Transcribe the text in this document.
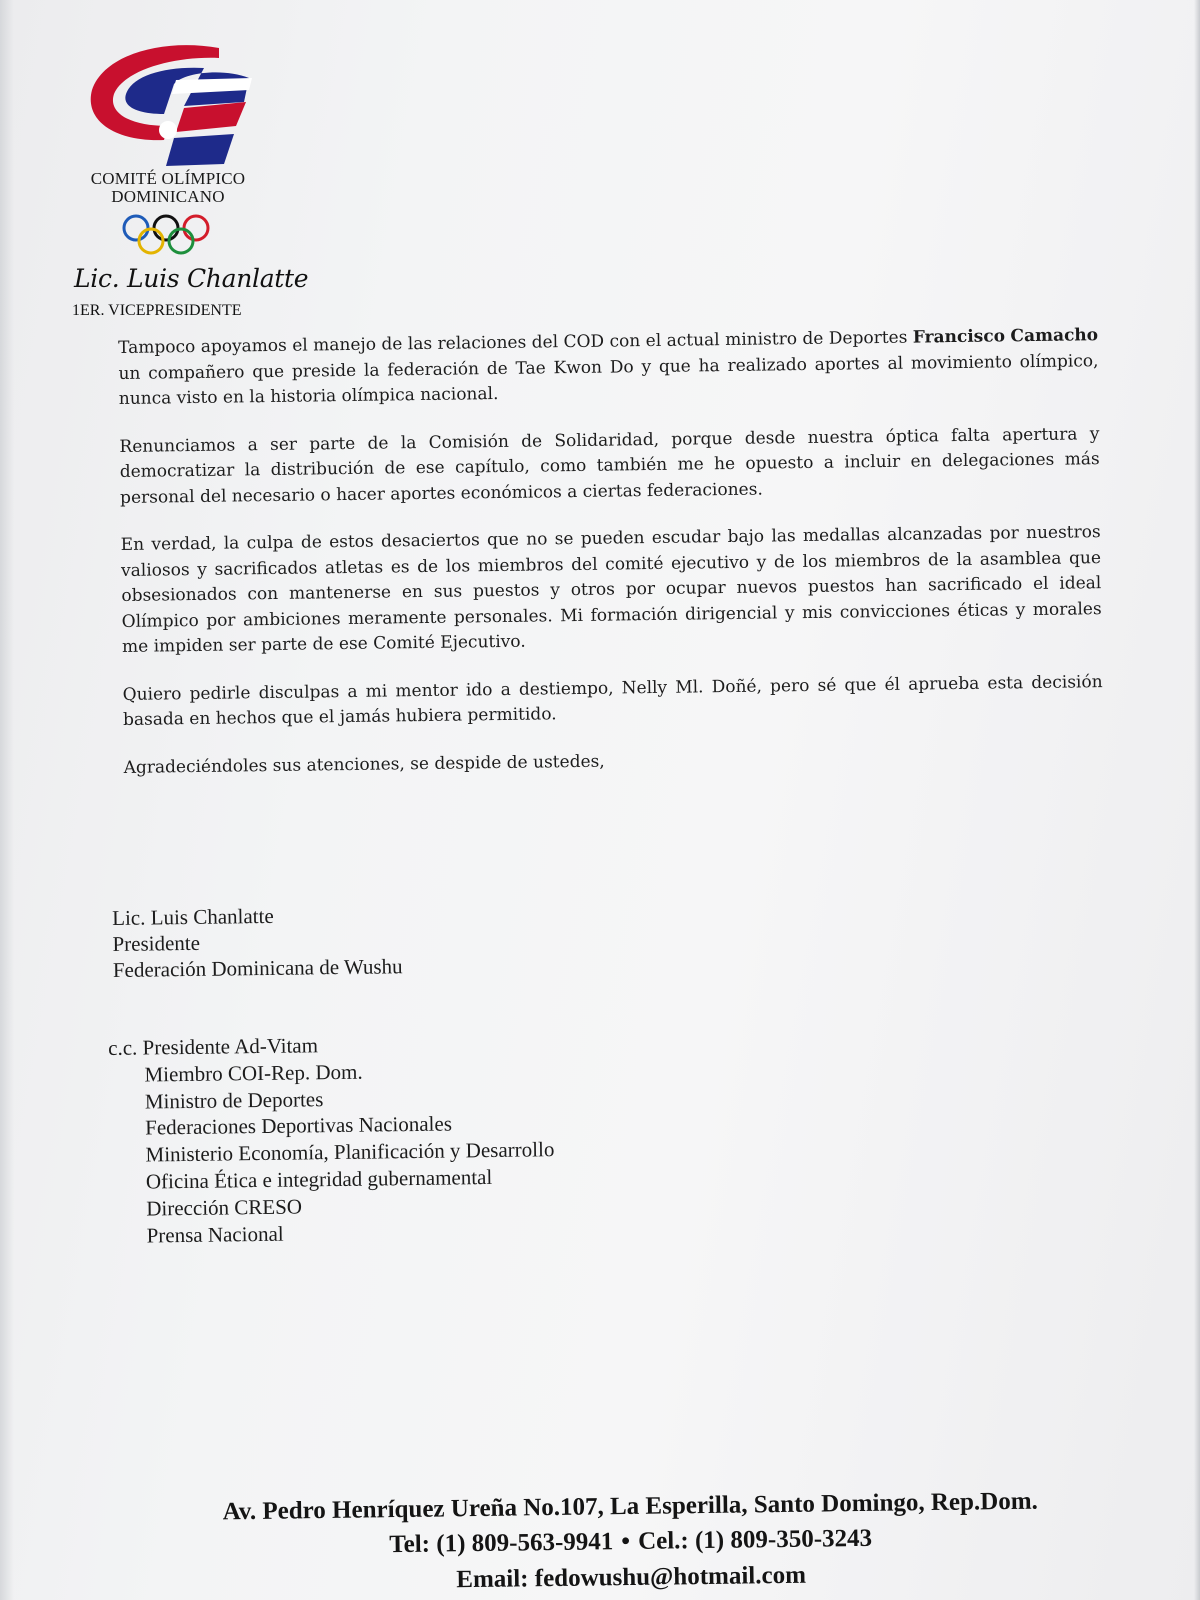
COMITÉ OLÍMPICO
DOMINICANO
Lic. Luis Chanlatte
1ER. VICEPRESIDENTE

Tampoco apoyamos el manejo de las relaciones del COD con el actual ministro de Deportes Francisco Camacho un compañero que preside la federación de Tae Kwon Do y que ha realizado aportes al movimiento olímpico, nunca visto en la historia olímpica nacional.

Renunciamos a ser parte de la Comisión de Solidaridad, porque desde nuestra óptica falta apertura y democratizar la distribución de ese capítulo, como también me he opuesto a incluir en delegaciones más personal del necesario o hacer aportes económicos a ciertas federaciones.

En verdad, la culpa de estos desaciertos que no se pueden escudar bajo las medallas alcanzadas por nuestros valiosos y sacrificados atletas es de los miembros del comité ejecutivo y de los miembros de la asamblea que obsesionados con mantenerse en sus puestos y otros por ocupar nuevos puestos han sacrificado el ideal Olímpico por ambiciones meramente personales. Mi formación dirigencial y mis convicciones éticas y morales me impiden ser parte de ese Comité Ejecutivo.

Quiero pedirle disculpas a mi mentor ido a destiempo, Nelly Ml. Doñé, pero sé que él aprueba esta decisión basada en hechos que el jamás hubiera permitido.

Agradeciéndoles sus atenciones, se despide de ustedes,

Lic. Luis Chanlatte
Presidente
Federación Dominicana de Wushu
c.c. Presidente Ad-Vitam
Miembro COI-Rep. Dom.
Ministro de Deportes
Federaciones Deportivas Nacionales
Ministerio Economía, Planificación y Desarrollo
Oficina Ética e integridad gubernamental
Dirección CRESO
Prensa Nacional
Av. Pedro Henríquez Ureña No.107, La Esperilla, Santo Domingo, Rep.Dom.
Tel: (1) 809-563-9941 • Cel.: (1) 809-350-3243
Email: fedowushu@hotmail.com
